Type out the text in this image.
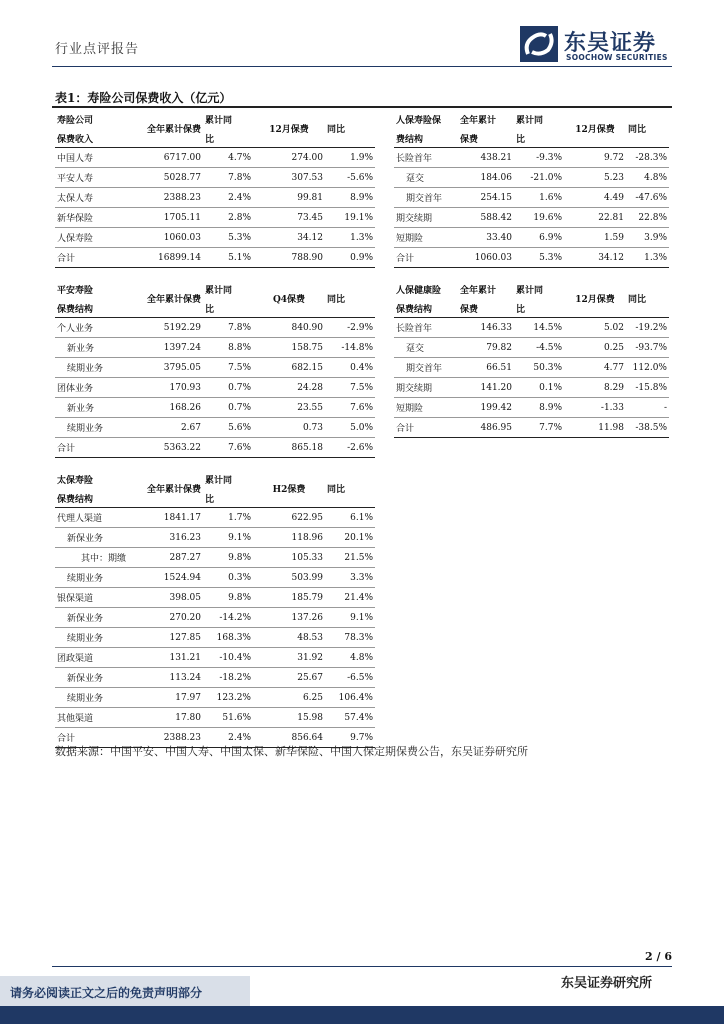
行业点评报告	东吴证券
SOOCHOW SECURITIES
表1：寿险公司保费收入（亿元）
寿险公司	全年累计保费	累计同	12月保费	同比
保费收入		比		
中国人寿	6717.00	4.7%	274.00	1.9%
平安人寿	5028.77	7.8%	307.53	-5.6%
太保人寿	2388.23	2.4%	99.81	8.9%
新华保险	1705.11	2.8%	73.45	19.1%
人保寿险	1060.03	5.3%	34.12	1.3%
合计	16899.14	5.1%	788.90	0.9%
人保寿险保	全年累计	累计同	12月保费	同比
费结构	保费	比		
长险首年	438.21	-9.3%	9.72	-28.3%
趸交	184.06	-21.0%	5.23	4.8%
期交首年	254.15	1.6%	4.49	-47.6%
期交续期	588.42	19.6%	22.81	22.8%
短期险	33.40	6.9%	1.59	3.9%
合计	1060.03	5.3%	34.12	1.3%
平安寿险	全年累计保费	累计同	Q4保费	同比
保费结构		比		
个人业务	5192.29	7.8%	840.90	-2.9%
新业务	1397.24	8.8%	158.75	-14.8%
续期业务	3795.05	7.5%	682.15	0.4%
团体业务	170.93	0.7%	24.28	7.5%
新业务	168.26	0.7%	23.55	7.6%
续期业务	2.67	5.6%	0.73	5.0%
合计	5363.22	7.6%	865.18	-2.6%
人保健康险	全年累计	累计同	12月保费	同比
保费结构	保费	比		
长险首年	146.33	14.5%	5.02	-19.2%
趸交	79.82	-4.5%	0.25	-93.7%
期交首年	66.51	50.3%	4.77	112.0%
期交续期	141.20	0.1%	8.29	-15.8%
短期险	199.42	8.9%	-1.33	-
合计	486.95	7.7%	11.98	-38.5%
太保寿险	全年累计保费	累计同	H2保费	同比
保费结构		比		
代理人渠道	1841.17	1.7%	622.95	6.1%
新保业务	316.23	9.1%	118.96	20.1%
其中：期缴	287.27	9.8%	105.33	21.5%
续期业务	1524.94	0.3%	503.99	3.3%
银保渠道	398.05	9.8%	185.79	21.4%
新保业务	270.20	-14.2%	137.26	9.1%
续期业务	127.85	168.3%	48.53	78.3%
团政渠道	131.21	-10.4%	31.92	4.8%
新保业务	113.24	-18.2%	25.67	-6.5%
续期业务	17.97	123.2%	6.25	106.4%
其他渠道	17.80	51.6%	15.98	57.4%
合计	2388.23	2.4%	856.64	9.7%
数据来源：中国平安、中国人寿、中国太保、新华保险、中国人保定期保费公告，东吴证券研究所
2 / 6
东吴证券研究所
请务必阅读正文之后的免责声明部分
